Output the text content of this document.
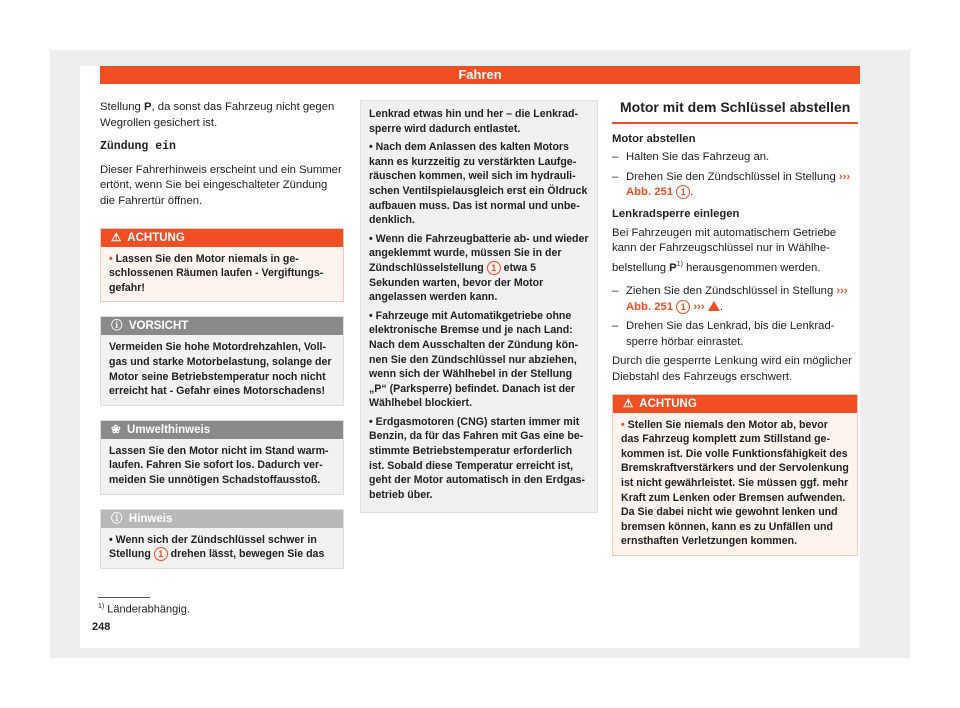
Fahren

Stellung P, da sonst das Fahrzeug nicht gegen Wegrollen gesichert ist.

Zündung ein

Dieser Fahrerhinweis erscheint und ein Summer ertönt, wenn Sie bei eingeschalteter Zündung die Fahrertür öffnen.

⚠ ACHTUNG
• Lassen Sie den Motor niemals in geschlossenen Räumen laufen - Vergiftungsgefahr!
ⓘ VORSICHT
Vermeiden Sie hohe Motordrehzahlen, Vollgas und starke Motorbelastung, solange der Motor seine Betriebstemperatur noch nicht erreicht hat - Gefahr eines Motorschadens!
❀ Umwelthinweis
Lassen Sie den Motor nicht im Stand warmlaufen. Fahren Sie sofort los. Dadurch vermeiden Sie unnötigen Schadstoffausstoß.
ⓘ Hinweis
• Wenn sich der Zündschlüssel schwer in Stellung 1 drehen lässt, bewegen Sie das

Lenkrad etwas hin und her – die Lenkradsperre wird dadurch entlastet.

• Nach dem Anlassen des kalten Motors kann es kurzzeitig zu verstärkten Laufgeräuschen kommen, weil sich im hydraulischen Ventilspielausgleich erst ein Öldruck aufbauen muss. Das ist normal und unbedenklich.

• Wenn die Fahrzeugbatterie ab- und wieder angeklemmt wurde, müssen Sie in der Zündschlüsselstellung 1 etwa 5 Sekunden warten, bevor der Motor angelassen werden kann.

• Fahrzeuge mit Automatikgetriebe ohne elektronische Bremse und je nach Land: Nach dem Ausschalten der Zündung können Sie den Zündschlüssel nur abziehen, wenn sich der Wählhebel in der Stellung „P“ (Parksperre) befindet. Danach ist der Wählhebel blockiert.

• Erdgasmotoren (CNG) starten immer mit Benzin, da für das Fahren mit Gas eine bestimmte Betriebstemperatur erforderlich ist. Sobald diese Temperatur erreicht ist, geht der Motor automatisch in den Erdgasbetrieb über.

Motor mit dem Schlüssel abstellen
Motor abstellen
– Halten Sie das Fahrzeug an.
– Drehen Sie den Zündschlüssel in Stellung ››› Abb. 251 1 .
Lenkradsperre einlegen

Bei Fahrzeugen mit automatischem Getriebe kann der Fahrzeugschlüssel nur in Wählhebelstellung $P^{1)}$ herausgenommen werden.

– Ziehen Sie den Zündschlüssel in Stellung ››› Abb. 251 1 ››› .
– Drehen Sie das Lenkrad, bis die Lenkradsperre hörbar einrastet.

Durch die gesperrte Lenkung wird ein möglicher Diebstahl des Fahrzeugs erschwert.

⚠ ACHTUNG
• Stellen Sie niemals den Motor ab, bevor das Fahrzeug komplett zum Stillstand gekommen ist. Die volle Funktionsfähigkeit des Bremskraftverstärkers und der Servolenkung ist nicht gewährleistet. Sie müssen ggf. mehr Kraft zum Lenken oder Bremsen aufwenden. Da Sie dabei nicht wie gewohnt lenken und bremsen können, kann es zu Unfällen und ernsthaften Verletzungen kommen.
$^{1)}$ Länderabhängig.
248
